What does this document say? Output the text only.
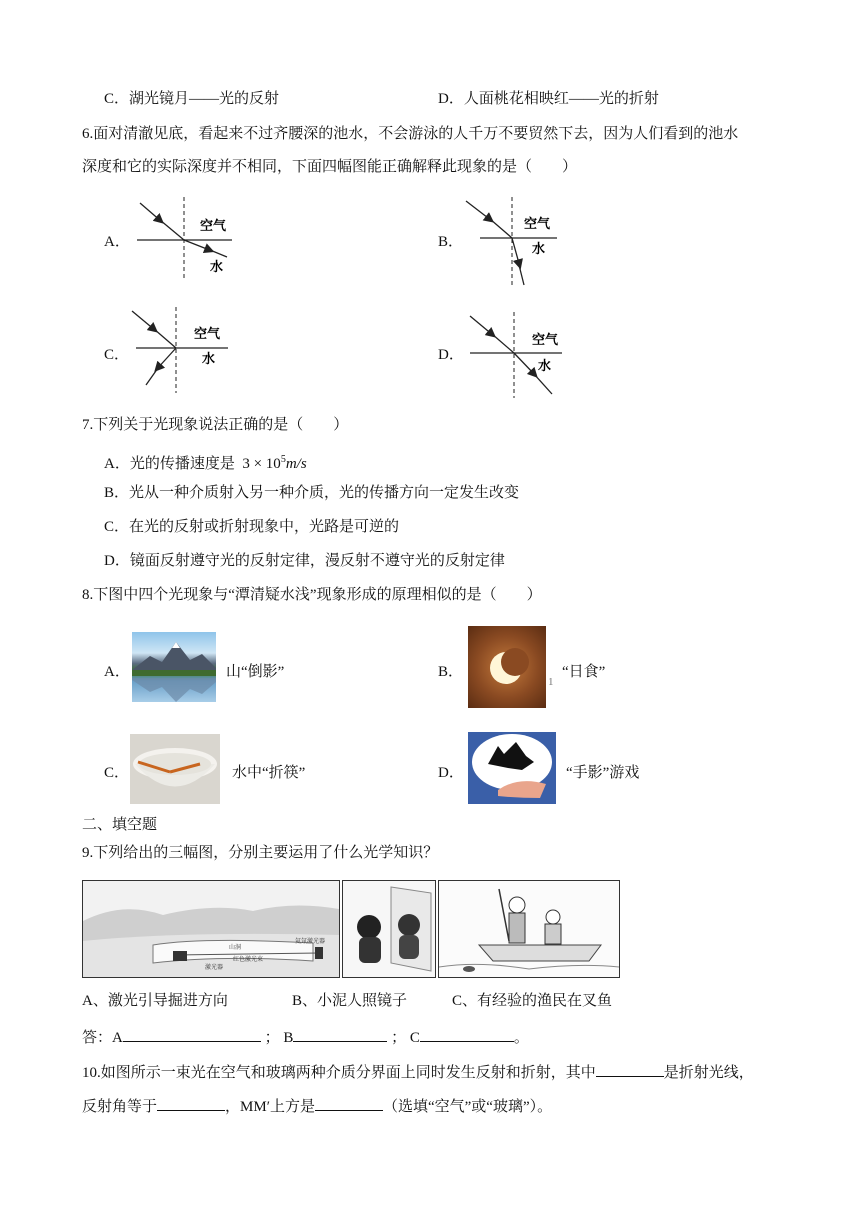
C．湖光镜月——光的反射	D．人面桃花相映红——光的折射
6.面对清澈见底，看起来不过齐腰深的池水，不会游泳的人千万不要贸然下去，因为人们看到的池水
深度和它的实际深度并不相同，下面四幅图能正确解释此现象的是（　　）
A．	B．
C．	D．
空气
水
空气
水
空气
水
空气
水
7.下列关于光现象说法正确的是（　　）
A．光的传播速度是 $3 \times 10^5m/s$
B．光从一种介质射入另一种介质，光的传播方向一定发生改变
C．在光的反射或折射现象中，光路是可逆的
D．镜面反射遵守光的反射定律，漫反射不遵守光的反射定律
8.下图中四个光现象与“潭清疑水浅”现象形成的原理相似的是（　　）
A．	山“倒影”	B．
1
“日食”
C．	水中“折筷”	D．	“手影”游戏
二、填空题
9.下列给出的三幅图，分别主要运用了什么光学知识？
山洞
红色激光束
激光器
氦氖激光器
A、激光引导掘进方向	B、小泥人照镜子	C、有经验的渔民在叉鱼
答：A	； B	； C	。
10.如图所示一束光在空气和玻璃两种介质分界面上同时发生反射和折射，其中	是折射光线，
反射角等于	，MM′上方是	（选填“空气”或“玻璃”）。
